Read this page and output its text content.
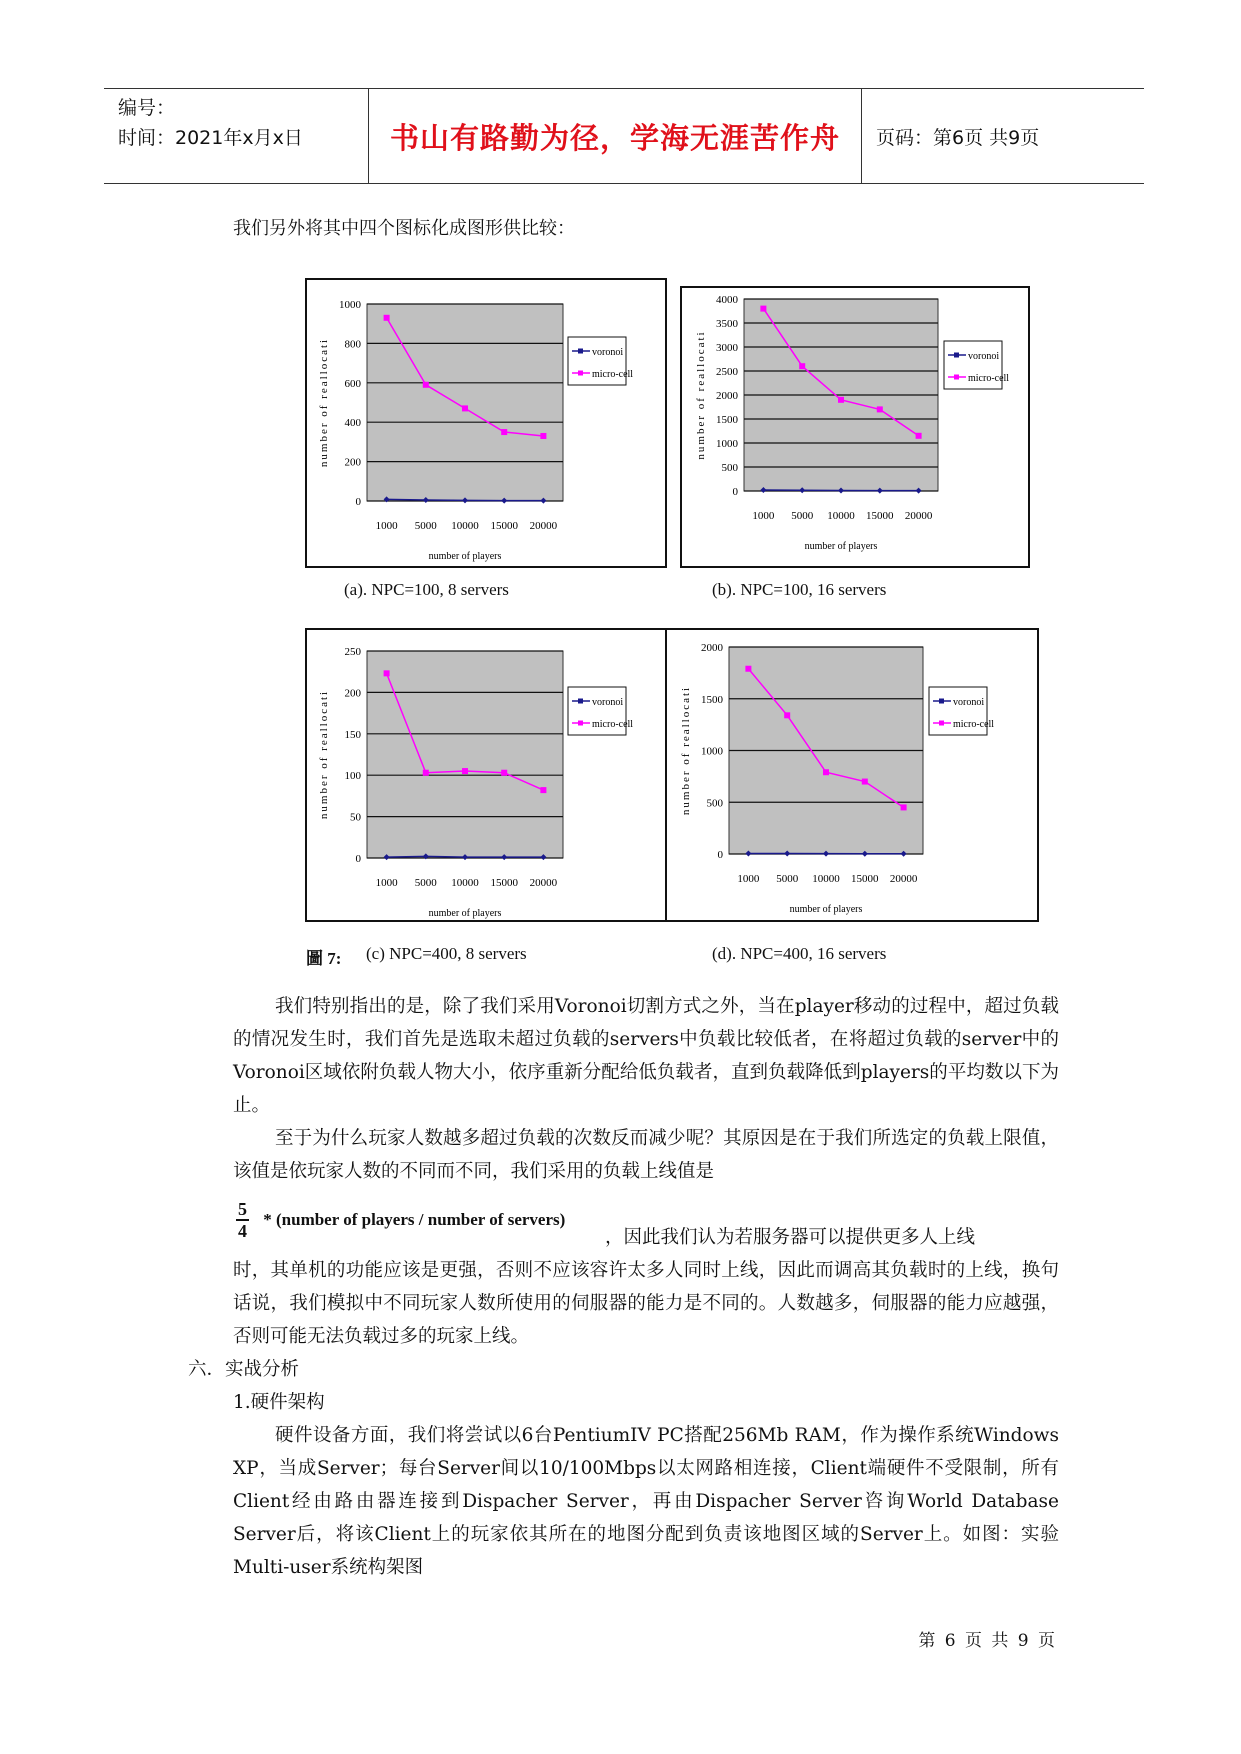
编号：
时间：2021年x月x日	书山有路勤为径，学海无涯苦作舟	页码：第6页 共9页
我们另外将其中四个图标化成图形供比较：
0
200
400
600
800
1000
1000 5000 10000 15000 20000
number of players
number of reallocati	voronoi
micro-cell
0
500
1000
1500
2000
2500
3000
3500
4000
1000 5000 10000 15000 20000
number of players
number of reallocati	voronoi
micro-cell
0
50
100
150
200
250
1000 5000 10000 15000 20000
number of players
number of reallocati	voronoi
micro-cell
0
500
1000
1500
2000
1000 5000 10000 15000 20000
number of players
number of reallocati	voronoi
micro-cell
(a). NPC=100, 8 servers	(b). NPC=100, 16 servers
圖 7: (c) NPC=400, 8 servers	(d). NPC=400, 16 servers
我们特别指出的是，除了我们采用Voronoi切割方式之外，当在player移动的过程中，超过负载的情况发生时，我们首先是选取未超过负载的servers中负载比较低者，在将超过负载的server中的Voronoi区域依附负载人物大小，依序重新分配给低负载者，直到负载降低到players的平均数以下为止。
至于为什么玩家人数越多超过负载的次数反而减少呢？其原因是在于我们所选定的负载上限值，该值是依玩家人数的不同而不同，我们采用的负载上线值是
$\frac{5}{4}$ * (number of players / number of servers)
，因此我们认为若服务器可以提供更多人上线
时，其单机的功能应该是更强，否则不应该容许太多人同时上线，因此而调高其负载时的上线，换句话说，我们模拟中不同玩家人数所使用的伺服器的能力是不同的。人数越多，伺服器的能力应越强，否则可能无法负载过多的玩家上线。
六．实战分析
1.硬件架构
硬件设备方面，我们将尝试以6台PentiumIV PC搭配256Mb RAM，作为操作系统Windows XP，当成Server；每台Server间以10/100Mbps以太网路相连接，Client端硬件不受限制，所有Client经由路由器连接到Dispacher Server，再由Dispacher Server咨询World Database Server后，将该Client上的玩家依其所在的地图分配到负责该地图区域的Server上。如图：实验Multi-user系统构架图
第 6 页 共 9 页
